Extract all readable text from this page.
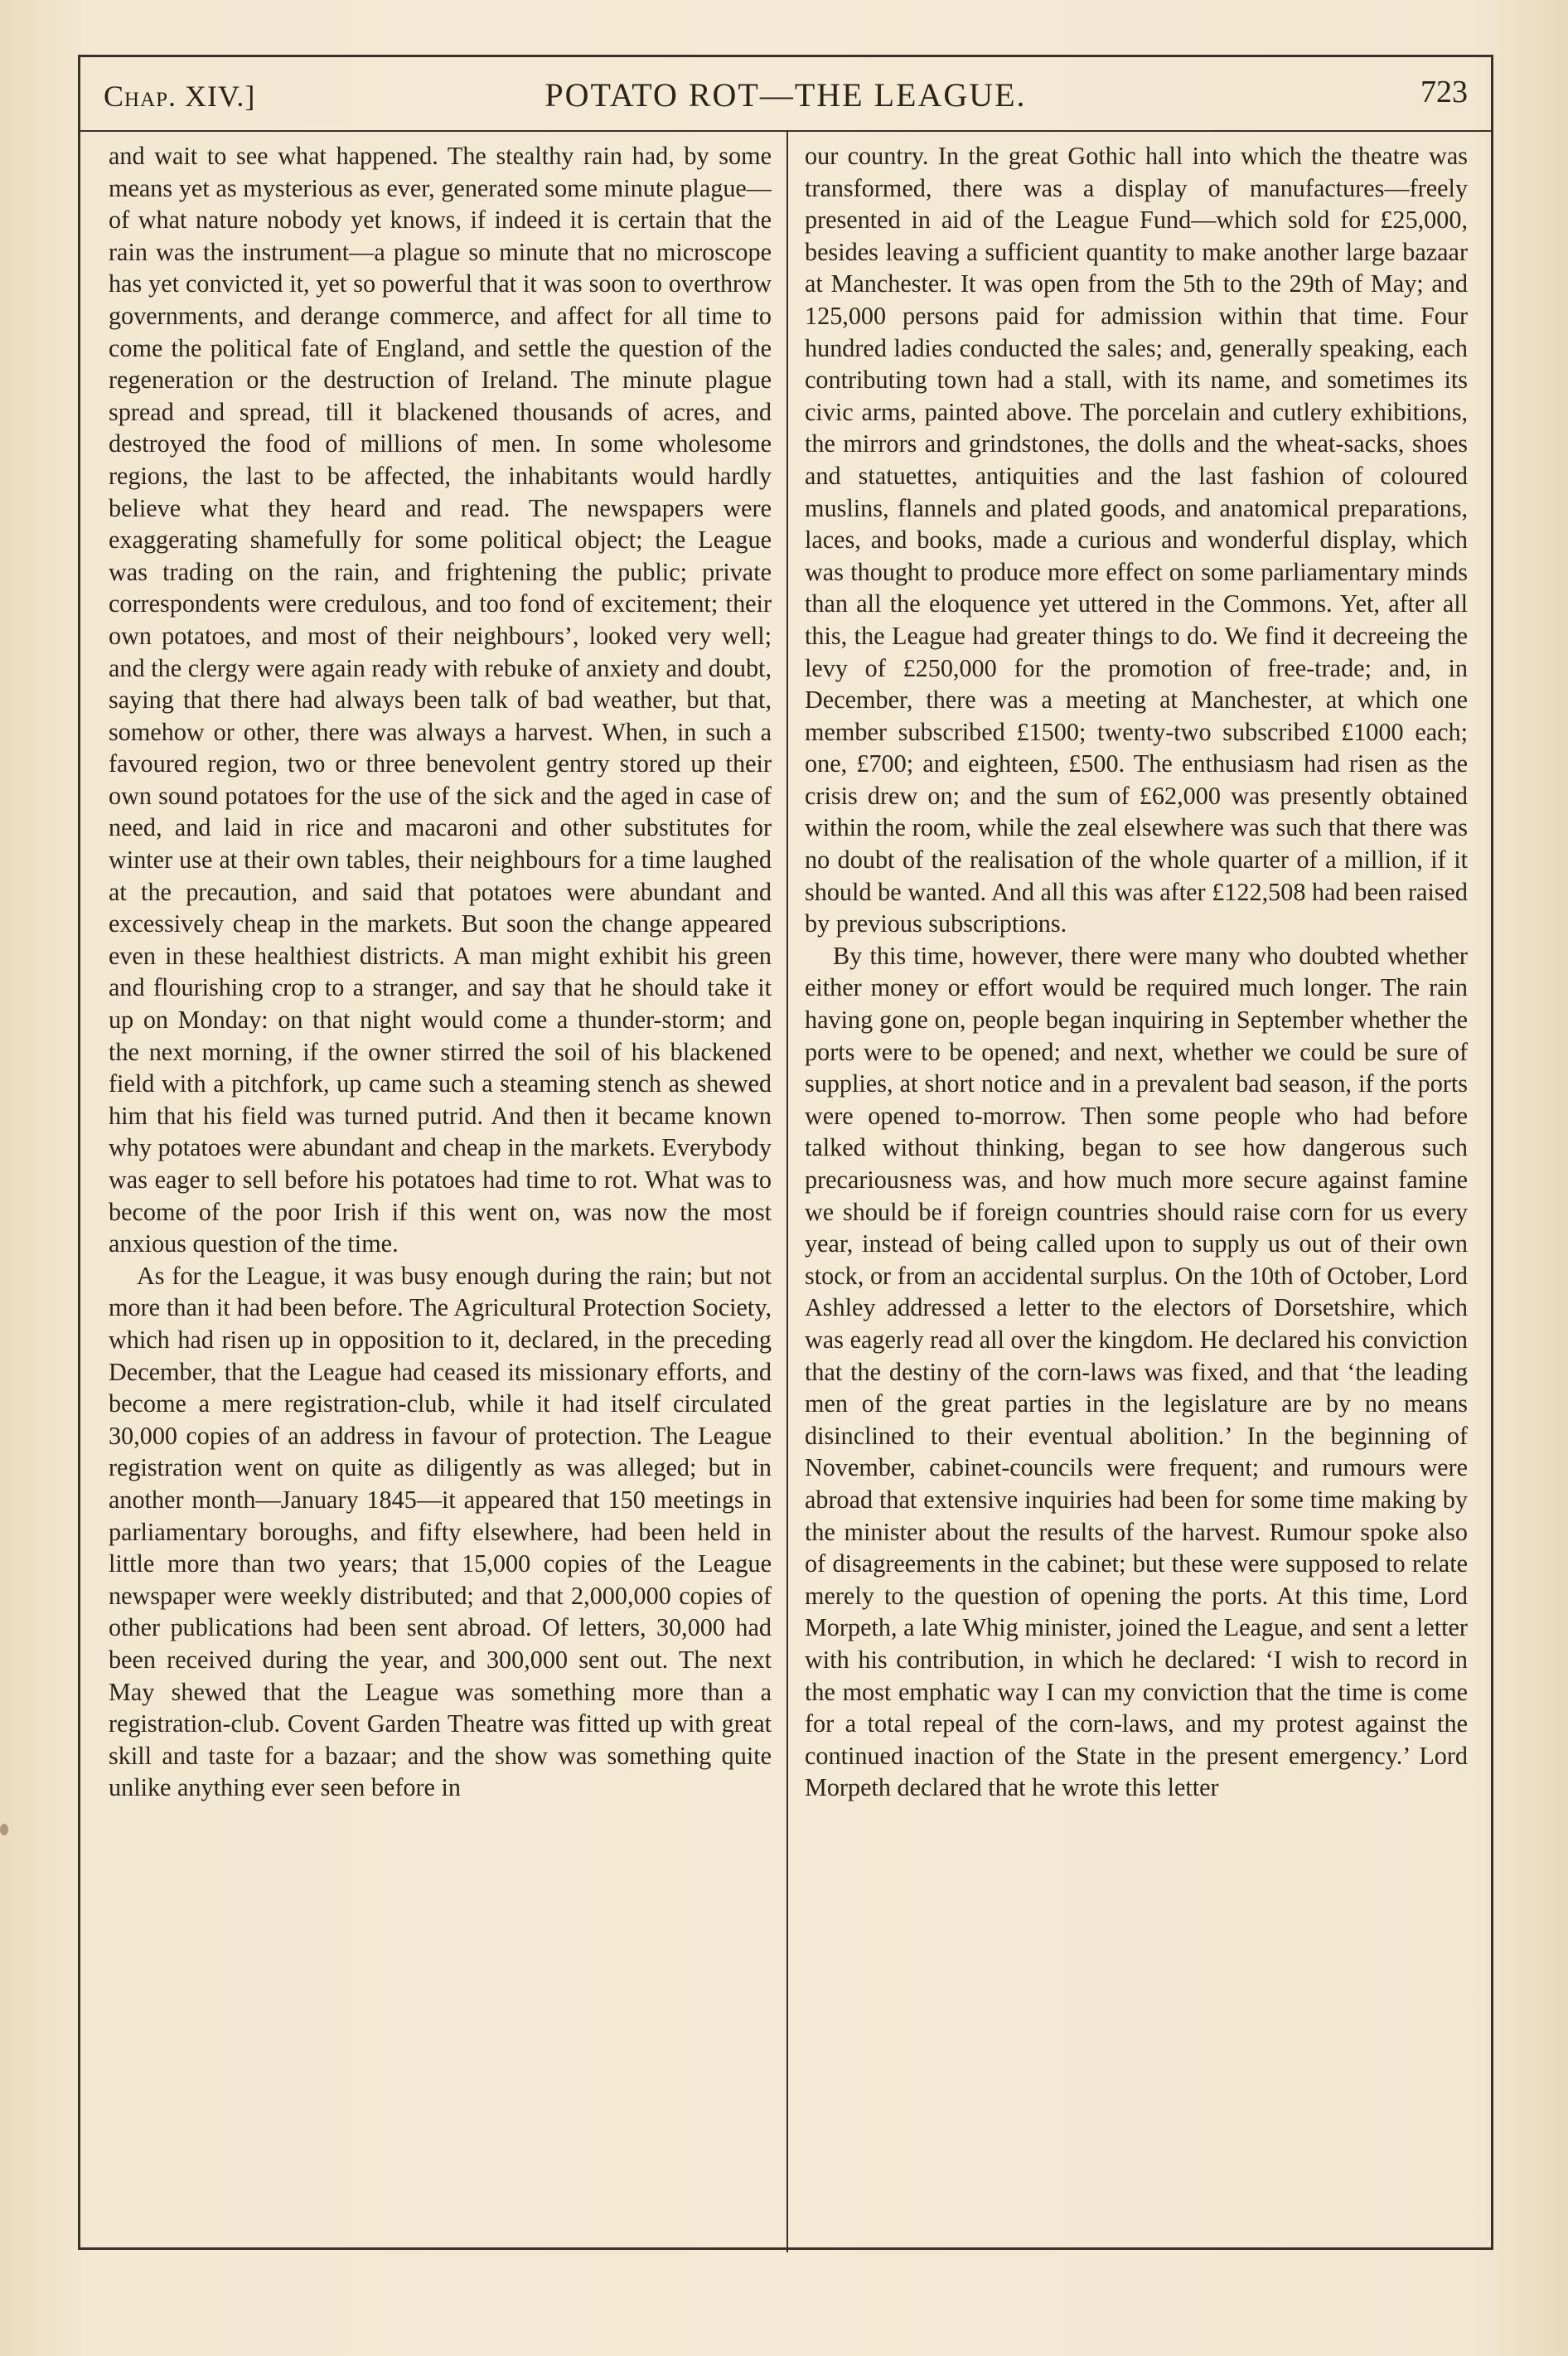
Chap. XIV.]	POTATO ROT—THE LEAGUE.	723

and wait to see what happened. The stealthy rain had, by some means yet as mysterious as ever, generated some minute plague—of what nature nobody yet knows, if indeed it is certain that the rain was the instrument—a plague so minute that no microscope has yet convicted it, yet so powerful that it was soon to overthrow governments, and derange commerce, and affect for all time to come the political fate of England, and settle the question of the regeneration or the destruction of Ireland. The minute plague spread and spread, till it blackened thousands of acres, and destroyed the food of millions of men. In some wholesome regions, the last to be affected, the inhabitants would hardly believe what they heard and read. The newspapers were exaggerating shamefully for some political object; the League was trading on the rain, and frightening the public; private correspondents were credulous, and too fond of excitement; their own potatoes, and most of their neighbours’, looked very well; and the clergy were again ready with rebuke of anxiety and doubt, saying that there had always been talk of bad weather, but that, somehow or other, there was always a harvest. When, in such a favoured region, two or three benevolent gentry stored up their own sound potatoes for the use of the sick and the aged in case of need, and laid in rice and macaroni and other substitutes for winter use at their own tables, their neighbours for a time laughed at the precaution, and said that potatoes were abundant and excessively cheap in the markets. But soon the change appeared even in these healthiest districts. A man might exhibit his green and flourishing crop to a stranger, and say that he should take it up on Monday: on that night would come a thunder-storm; and the next morning, if the owner stirred the soil of his blackened field with a pitchfork, up came such a steaming stench as shewed him that his field was turned putrid. And then it became known why potatoes were abundant and cheap in the markets. Everybody was eager to sell before his potatoes had time to rot. What was to become of the poor Irish if this went on, was now the most anxious question of the time.

As for the League, it was busy enough during the rain; but not more than it had been before. The Agricultural Protection Society, which had risen up in opposition to it, declared, in the preceding December, that the League had ceased its missionary efforts, and become a mere registration-club, while it had itself circulated 30,000 copies of an address in favour of protection. The League registration went on quite as diligently as was alleged; but in another month—January 1845—it appeared that 150 meetings in parliamentary boroughs, and fifty elsewhere, had been held in little more than two years; that 15,000 copies of the League newspaper were weekly distributed; and that 2,000,000 copies of other publications had been sent abroad. Of letters, 30,000 had been received during the year, and 300,000 sent out. The next May shewed that the League was something more than a registration-club. Covent Garden Theatre was fitted up with great skill and taste for a bazaar; and the show was something quite unlike anything ever seen before in

our country. In the great Gothic hall into which the theatre was transformed, there was a display of manufactures—freely presented in aid of the League Fund—which sold for £25,000, besides leaving a sufficient quantity to make another large bazaar at Manchester. It was open from the 5th to the 29th of May; and 125,000 persons paid for admission within that time. Four hundred ladies conducted the sales; and, generally speaking, each contributing town had a stall, with its name, and sometimes its civic arms, painted above. The porcelain and cutlery exhibitions, the mirrors and grindstones, the dolls and the wheat-sacks, shoes and statuettes, antiquities and the last fashion of coloured muslins, flannels and plated goods, and anatomical preparations, laces, and books, made a curious and wonderful display, which was thought to produce more effect on some parliamentary minds than all the eloquence yet uttered in the Commons. Yet, after all this, the League had greater things to do. We find it decreeing the levy of £250,000 for the promotion of free-trade; and, in December, there was a meeting at Manchester, at which one member subscribed £1500; twenty-two subscribed £1000 each; one, £700; and eighteen, £500. The enthusiasm had risen as the crisis drew on; and the sum of £62,000 was presently obtained within the room, while the zeal elsewhere was such that there was no doubt of the realisation of the whole quarter of a million, if it should be wanted. And all this was after £122,508 had been raised by previous subscriptions.

By this time, however, there were many who doubted whether either money or effort would be required much longer. The rain having gone on, people began inquiring in September whether the ports were to be opened; and next, whether we could be sure of supplies, at short notice and in a prevalent bad season, if the ports were opened to-morrow. Then some people who had before talked without thinking, began to see how dangerous such precariousness was, and how much more secure against famine we should be if foreign countries should raise corn for us every year, instead of being called upon to supply us out of their own stock, or from an accidental surplus. On the 10th of October, Lord Ashley addressed a letter to the electors of Dorsetshire, which was eagerly read all over the kingdom. He declared his conviction that the destiny of the corn-laws was fixed, and that ‘the leading men of the great parties in the legislature are by no means disinclined to their eventual abolition.’ In the beginning of November, cabinet-councils were frequent; and rumours were abroad that extensive inquiries had been for some time making by the minister about the results of the harvest. Rumour spoke also of disagreements in the cabinet; but these were supposed to relate merely to the question of opening the ports. At this time, Lord Morpeth, a late Whig minister, joined the League, and sent a letter with his contribution, in which he declared: ‘I wish to record in the most emphatic way I can my conviction that the time is come for a total repeal of the corn-laws, and my protest against the continued inaction of the State in the present emergency.’ Lord Morpeth declared that he wrote this letter
